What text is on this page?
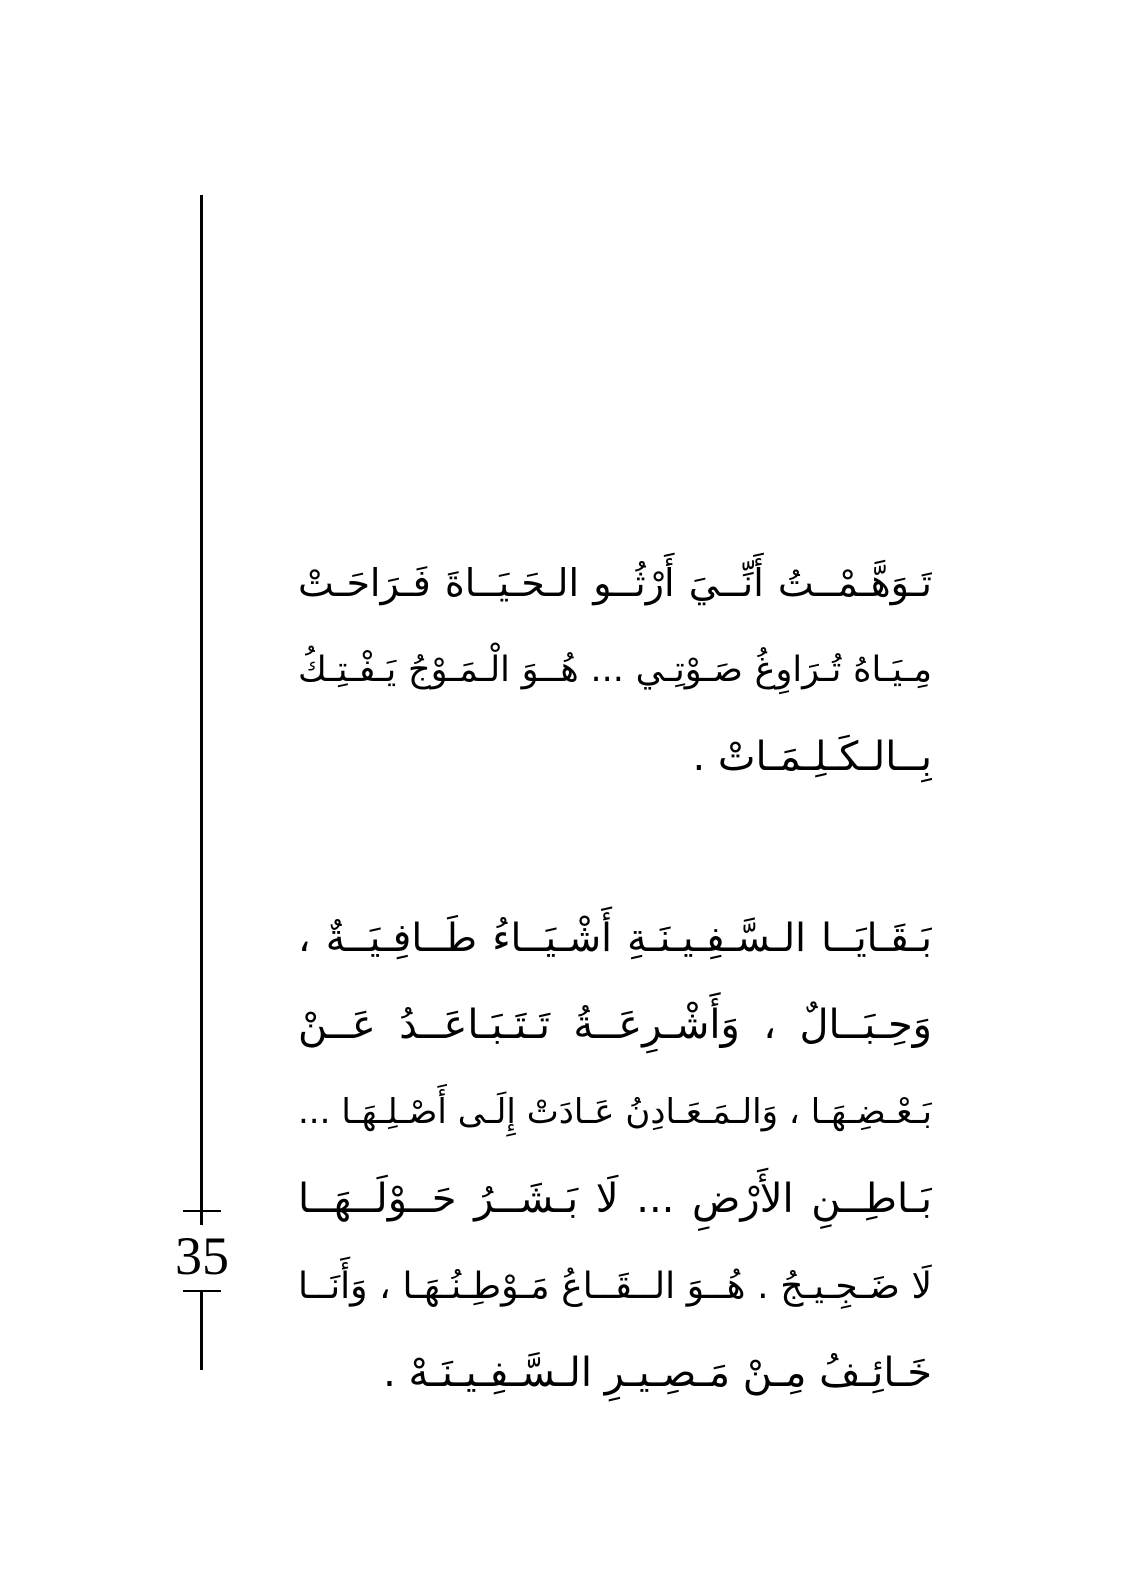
35
تَـوَهَّـمْــتُ أَنِّــيَ أَرْثُــو الـحَـيَــاةَ فَـرَاحَـتْ
مِـيَـاهُ تُـرَاوِغُ صَـوْتِـي ... هُــوَ الْـمَـوْجُ يَـفْـتِـكُ
بِــالـكَـلِـمَـاتْ .
بَـقَـايَــا الـسَّـفِـيـنَـةِ أَشْـيَــاءُ طَــافِـيَــةٌ ،
وَحِـبَــالٌ ، وَأَشْـرِعَــةُ تَـتَـبَـاعَــدُ عَــنْ
بَـعْـضِـهَـا ، وَالـمَـعَـادِنُ عَـادَتْ إِلَـى أَصْـلِـهَـا ...
بَـاطِــنِ الأَرْضِ ... لَا بَـشَــرُ حَــوْلَــهَــا
لَا ضَـجِـيـجُ . هُــوَ الــقَــاعُ مَـوْطِـنُـهَـا ، وَأَنَــا
خَـائِـفُ مِـنْ مَـصِـيـرِ الـسَّـفِـيـنَـهْ .
